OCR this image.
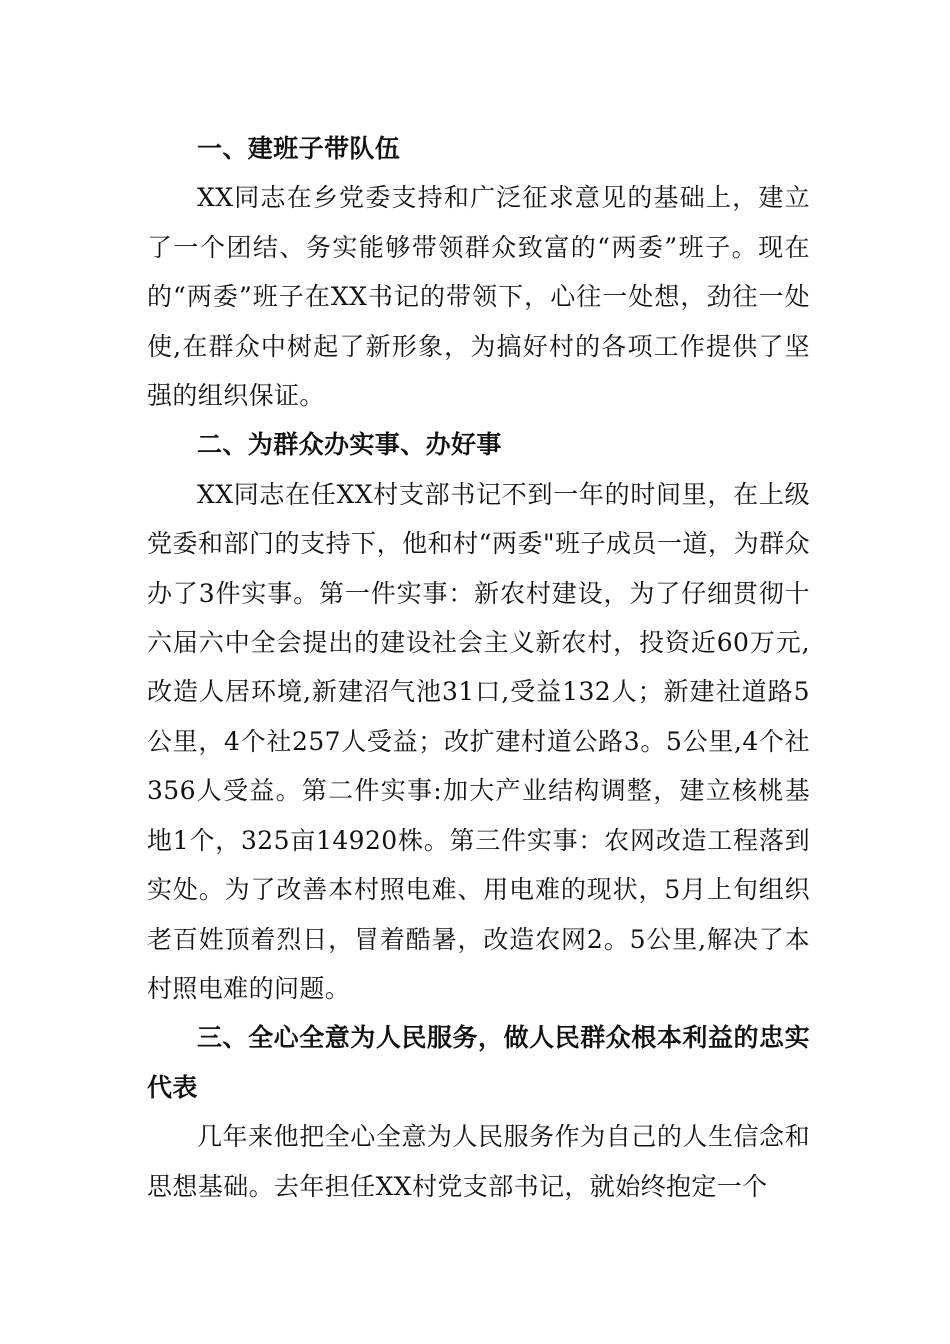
一、建班子带队伍

XX同志在乡党委支持和广泛征求意见的基础上，建立了一个团结、务实能够带领群众致富的“两委”班子。现在的“两委”班子在XX书记的带领下，心往一处想，劲往一处使,在群众中树起了新形象，为搞好村的各项工作提供了坚强的组织保证。

二、为群众办实事、办好事

XX同志在任XX村支部书记不到一年的时间里，在上级党委和部门的支持下，他和村“两委"班子成员一道，为群众办了3件实事。第一件实事：新农村建设，为了仔细贯彻十六届六中全会提出的建设社会主义新农村，投资近60万元,改造人居环境,新建沼气池31口,受益132人；新建社道路5公里，4个社257人受益；改扩建村道公路3。5公里,4个社356人受益。第二件实事:加大产业结构调整，建立核桃基地1个，325亩14920株。第三件实事：农网改造工程落到实处。为了改善本村照电难、用电难的现状，5月上旬组织老百姓顶着烈日，冒着酷暑，改造农网2。5公里,解决了本村照电难的问题。

三、全心全意为人民服务，做人民群众根本利益的忠实代表

几年来他把全心全意为人民服务作为自己的人生信念和思想基础。去年担任XX村党支部书记，就始终抱定一个
